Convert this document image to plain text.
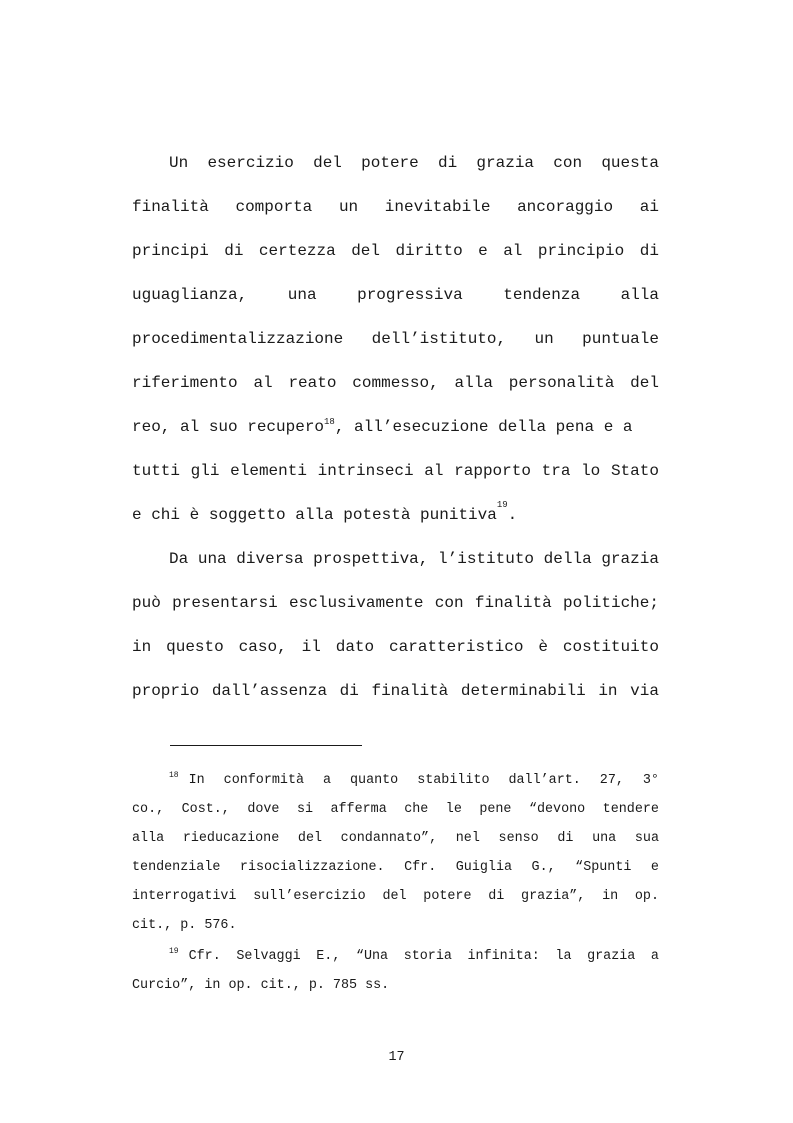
Un esercizio del potere di grazia con questa
finalità comporta un inevitabile ancoraggio ai
principi di certezza del diritto e al principio di
uguaglianza,	una	progressiva	tendenza	alla
procedimentalizzazione dell’istituto, un puntuale
riferimento al reato commesso, alla personalità del
reo, al suo recupero$^{18}$, all’esecuzione della pena e a
tutti gli elementi intrinseci al rapporto tra lo Stato
e chi è soggetto alla potestà punitiva
19
.
Da una diversa prospettiva, l’istituto della grazia
può presentarsi esclusivamente con finalità politiche;
in questo caso, il dato caratteristico è costituito
proprio dall’assenza di finalità determinabili in via
$^{18}$ In conformità a quanto stabilito dall’art. 27, 3°
co., Cost., dove si afferma che le pene “devono tendere
alla rieducazione del condannato”, nel senso di una sua
tendenziale risocializzazione. Cfr. Guiglia G., “Spunti e
interrogativi sull’esercizio del potere di grazia”, in op.
cit., p. 576.
$^{19}$ Cfr. Selvaggi E., “Una storia infinita: la grazia a
Curcio”, in op. cit., p. 785 ss.
17
